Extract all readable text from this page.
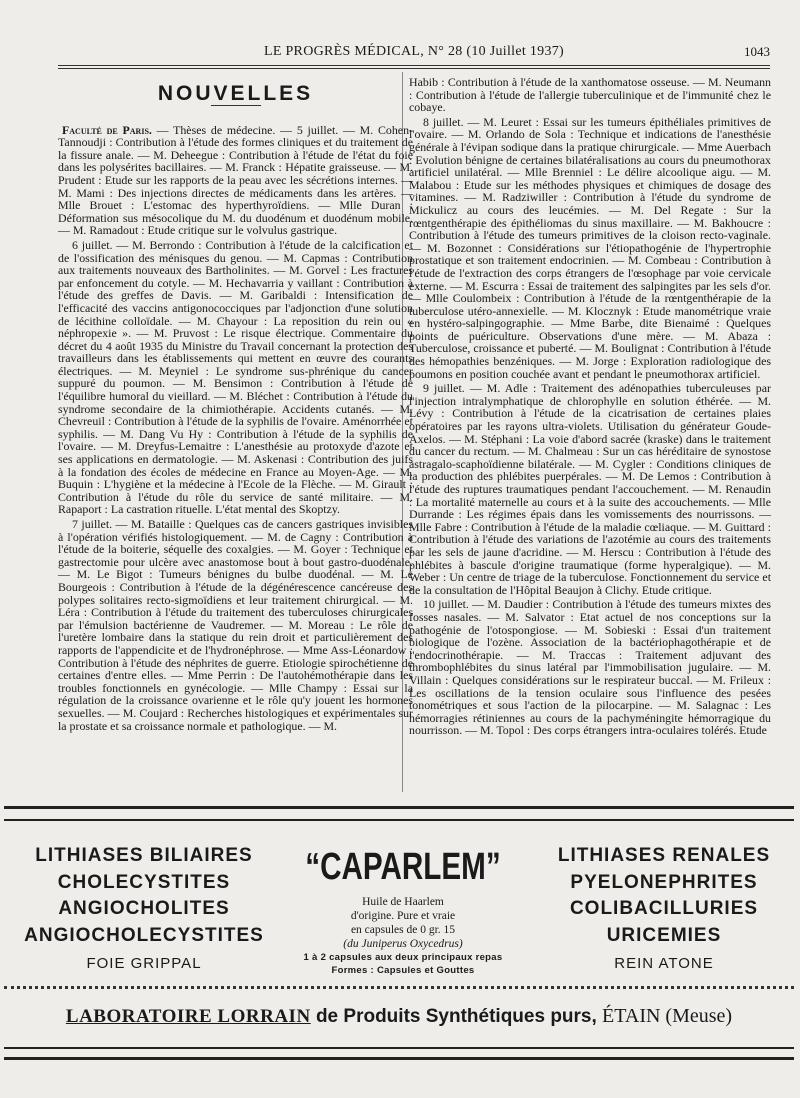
LE PROGRÈS MÉDICAL, N° 28 (10 Juillet 1937)	1043
NOUVELLES

Faculté de Paris. — Thèses de médecine. — 5 juillet. — M. Cohen-Tannoudji : Contribution à l'étude des formes cliniques et du traitement de la fissure anale. — M. Deheegue : Contribution à l'étude de l'état du foie dans les polysérites bacillaires. — M. Franck : Hépatite graisseuse. — M. Prudent : Etude sur les rapports de la peau avec les sécrétions internes. — M. Mami : Des injections directes de médicaments dans les artères. — Mlle Brouet : L'estomac des hyperthyroïdiens. — Mlle Duran : Déformation sus mésocolique du M. du duodénum et duodénum mobile. — M. Ramadout : Etude critique sur le volvulus gastrique.

6 juillet. — M. Berrondo : Contribution à l'étude de la calcification et de l'ossification des ménisques du genou. — M. Capmas : Contribution aux traitements nouveaux des Bartholinites. — M. Gorvel : Les fractures par enfoncement du cotyle. — M. Hechavarria y vaillant : Contribution à l'étude des greffes de Davis. — M. Garibaldi : Intensification de l'efficacité des vaccins antigonococciques par l'adjonction d'une solution de lécithine colloïdale. — M. Chayour : La reposition du rein ou « néphropexie ». — M. Pruvost : Le risque électrique. Commentaire du décret du 4 août 1935 du Ministre du Travail concernant la protection des travailleurs dans les établissements qui mettent en œuvre des courants électriques. — M. Meyniel : Le syndrome sus-phrénique du cancer suppuré du poumon. — M. Bensimon : Contribution à l'étude de l'équilibre humoral du vieillard. — M. Bléchet : Contribution à l'étude du syndrome secondaire de la chimiothérapie. Accidents cutanés. — M. Chevreuil : Contribution à l'étude de la syphilis de l'ovaire. Aménorrhée et syphilis. — M. Dang Vu Hy : Contribution à l'étude de la syphilis de l'ovaire. — M. Dreyfus-Lemaitre : L'anesthésie au protoxyde d'azote et ses applications en dermatologie. — M. Askenasi : Contribution des juifs à la fondation des écoles de médecine en France au Moyen-Age. — M. Buquin : L'hygiène et la médecine à l'Ecole de la Flèche. — M. Girault : Contribution à l'étude du rôle du service de santé militaire. — M. Rapaport : La castration rituelle. L'état mental des Skoptzy.

7 juillet. — M. Bataille : Quelques cas de cancers gastriques invisibles à l'opération vérifiés histologiquement. — M. de Cagny : Contribution à l'étude de la boiterie, séquelle des coxalgies. — M. Goyer : Technique et gastrectomie pour ulcère avec anastomose bout à bout gastro-duodénale. — M. Le Bigot : Tumeurs bénignes du bulbe duodénal. — M. Le Bourgeois : Contribution à l'étude de la dégénérescence cancéreuse des polypes solitaires recto-sigmoïdiens et leur traitement chirurgical. — M. Léra : Contribution à l'étude du traitement des tuberculoses chirurgicales par l'émulsion bactérienne de Vaudremer. — M. Moreau : Le rôle de l'uretère lombaire dans la statique du rein droit et particulièrement des rapports de l'appendicite et de l'hydronéphrose. — Mme Ass-Léonardow : Contribution à l'étude des néphrites de guerre. Etiologie spirochétienne de certaines d'entre elles. — Mme Perrin : De l'autohémothérapie dans les troubles fonctionnels en gynécologie. — Mlle Champy : Essai sur la régulation de la croissance ovarienne et le rôle qu'y jouent les hormones sexuelles. — M. Coujard : Recherches histologiques et expérimentales sur la prostate et sa croissance normale et pathologique. — M.

Habib : Contribution à l'étude de la xanthomatose osseuse. — M. Neumann : Contribution à l'étude de l'allergie tuberculinique et de l'immunité chez le cobaye.

8 juillet. — M. Leuret : Essai sur les tumeurs épithéliales primitives de l'ovaire. — M. Orlando de Sola : Technique et indications de l'anesthésie générale à l'évipan sodique dans la pratique chirurgicale. — Mme Auerbach : Evolution bénigne de certaines bilatéralisations au cours du pneumothorax artificiel unilatéral. — Mlle Brenniel : Le délire alcoolique aigu. — M. Malabou : Etude sur les méthodes physiques et chimiques de dosage des vitamines. — M. Radziwiller : Contribution à l'étude du syndrome de Mickulicz au cours des leucémies. — M. Del Regate : Sur la rœntgenthérapie des épithéliomas du sinus maxillaire. — M. Bakhoucre : Contribution à l'étude des tumeurs primitives de la cloison recto-vaginale. — M. Bozonnet : Considérations sur l'étiopathogénie de l'hypertrophie prostatique et son traitement endocrinien. — M. Combeau : Contribution à l'étude de l'extraction des corps étrangers de l'œsophage par voie cervicale externe. — M. Escurra : Essai de traitement des salpingites par les sels d'or. — Mlle Coulombeix : Contribution à l'étude de la rœntgenthérapie de la tuberculose utéro-annexielle. — M. Klocznyk : Etude manométrique vraie en hystéro-salpingographie. — Mme Barbe, dite Bienaimé : Quelques points de puériculture. Observations d'une mère. — M. Abaza : Tuberculose, croissance et puberté. — M. Boulignat : Contribution à l'étude des hémopathies benzéniques. — M. Jorge : Exploration radiologique des poumons en position couchée avant et pendant le pneumothorax artificiel.

9 juillet. — M. Adle : Traitement des adénopathies tuberculeuses par l'injection intralymphatique de chlorophylle en solution éthérée. — M. Lévy : Contribution à l'étude de la cicatrisation de certaines plaies opératoires par les rayons ultra-violets. Utilisation du générateur Goude-Axelos. — M. Stéphani : La voie d'abord sacrée (kraske) dans le traitement du cancer du rectum. — M. Chalmeau : Sur un cas héréditaire de synostose astragalo-scaphoïdienne bilatérale. — M. Cygler : Conditions cliniques de la production des phlébites puerpérales. — M. De Lemos : Contribution à l'étude des ruptures traumatiques pendant l'accouchement. — M. Renaudin : La mortalité maternelle au cours et à la suite des accouchements. — Mlle Durrande : Les régimes épais dans les vomissements des nourrissons. — Mlle Fabre : Contribution à l'étude de la maladie cœliaque. — M. Guittard : Contribution à l'étude des variations de l'azotémie au cours des traitements par les sels de jaune d'acridine. — M. Herscu : Contribution à l'étude des phlébites à bascule d'origine traumatique (forme hyperalgique). — M. Weber : Un centre de triage de la tuberculose. Fonctionnement du service et de la consultation de l'Hôpital Beaujon à Clichy. Etude critique.

10 juillet. — M. Daudier : Contribution à l'étude des tumeurs mixtes des fosses nasales. — M. Salvator : Etat actuel de nos conceptions sur la pathogénie de l'otospongiose. — M. Sobieski : Essai d'un traitement biologique de l'ozène. Association de la bactériophagothérapie et de l'endocrinothérapie. — M. Traccas : Traitement adjuvant des thrombophlébites du sinus latéral par l'immobilisation jugulaire. — M. Villain : Quelques considérations sur le respirateur buccal. — M. Frileux : Les oscillations de la tension oculaire sous l'influence des pesées tonométriques et sous l'action de la pilocarpine. — M. Salagnac : Les hémorragies rétiniennes au cours de la pachyméningite hémorragique du nourrisson. — M. Topol : Des corps étrangers intra-oculaires tolérés. Etude

LITHIASES BILIAIRES
CHOLECYSTITES
ANGIOCHOLITES
ANGIOCHOLECYSTITES
FOIE GRIPPAL
“CAPARLEM”
Huile de Haarlem
d'origine. Pure et vraie
en capsules de 0 gr. 15
(du Juniperus Oxycedrus)
1 à 2 capsules aux deux principaux repas
Formes : Capsules et Gouttes
LITHIASES RENALES
PYELONEPHRITES
COLIBACILLURIES
URICEMIES
REIN ATONE
LABORATOIRE LORRAIN de Produits Synthétiques purs, ÉTAIN (Meuse)
